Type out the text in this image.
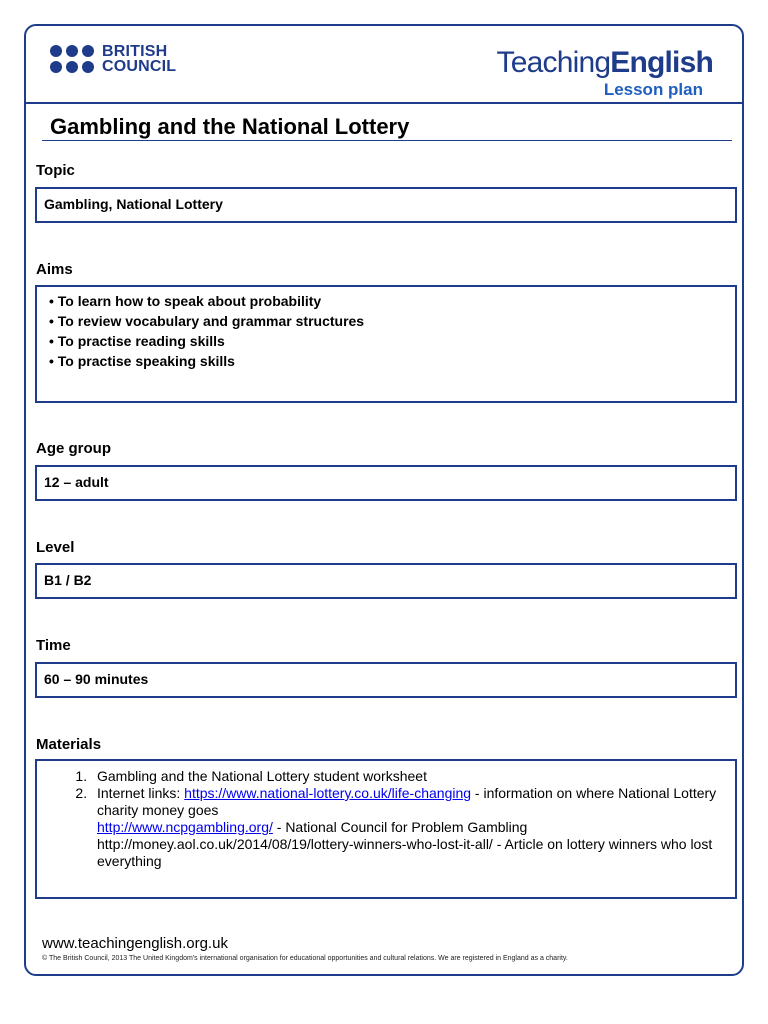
BRITISH
COUNCIL	TeachingEnglish
Lesson plan
Gambling and the National Lottery
Topic
Gambling, National Lottery
Aims
• To learn how to speak about probability
• To review vocabulary and grammar structures
• To practise reading skills
• To practise speaking skills
Age group
12 – adult
Level
B1 / B2
Time
60 – 90 minutes
Materials
1. Gambling and the National Lottery student worksheet
2. Internet links: https://www.national-lottery.co.uk/life-changing - information on where National Lottery charity money goes
http://www.ncpgambling.org/ - National Council for Problem Gambling
http://money.aol.co.uk/2014/08/19/lottery-winners-who-lost-it-all/ - Article on lottery winners who lost everything
www.teachingenglish.org.uk
© The British Council, 2013 The United Kingdom's international organisation for educational opportunities and cultural relations. We are registered in England as a charity.
